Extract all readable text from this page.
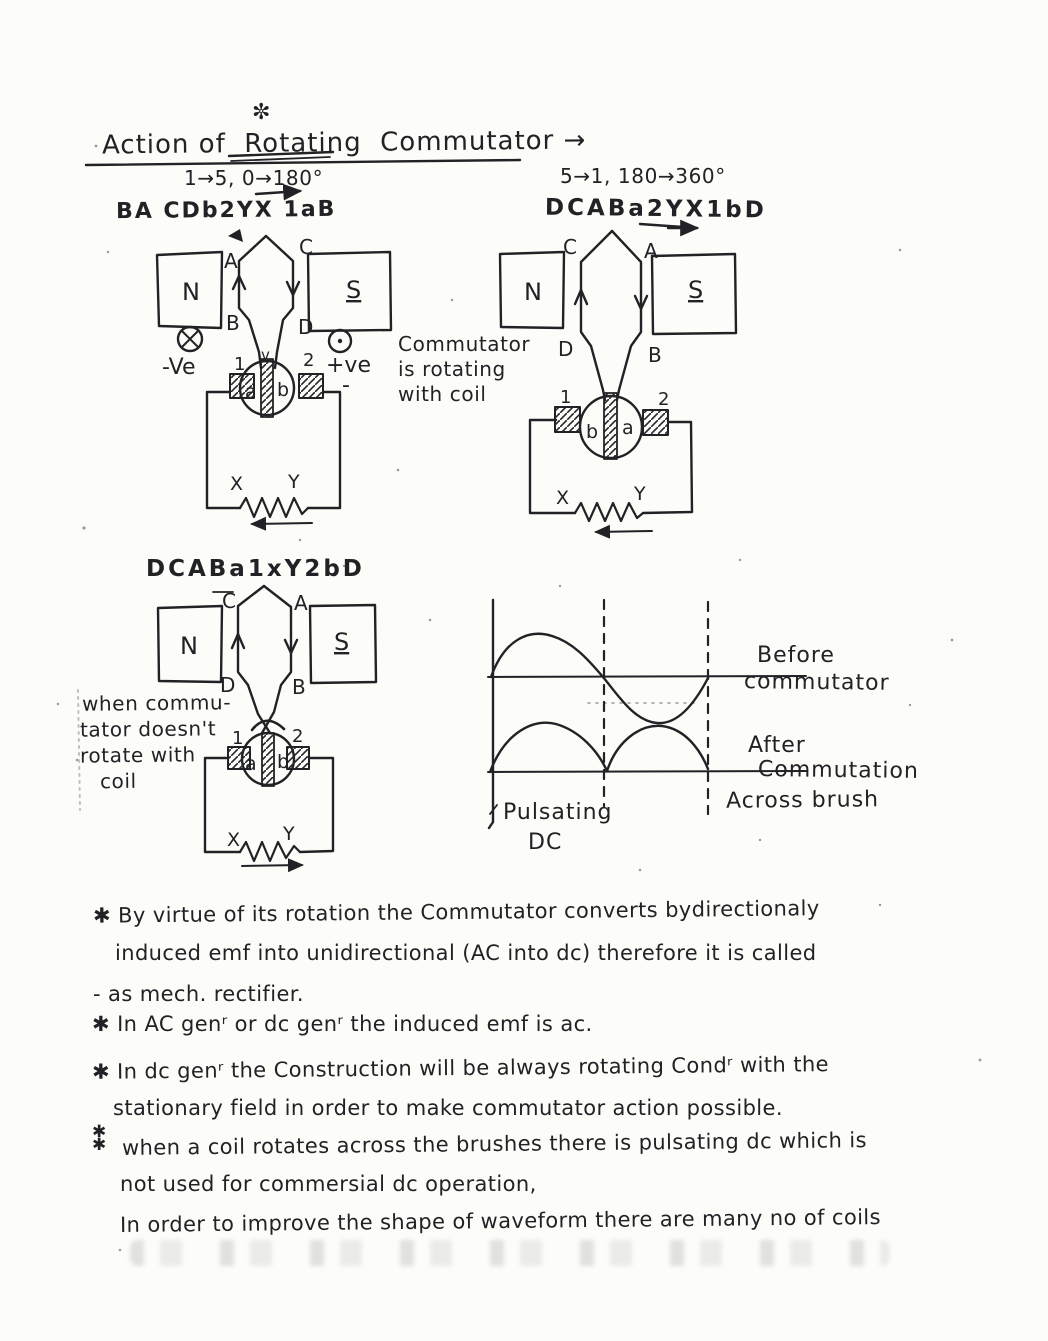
N	S
A
C
B	D
v
-Ve	+ve
-
1	2
a b
X Y
N	S
C	A
D	B
1	2
b a
X	Y
N	S
C	A
D	B
1	2
a b
X Y
✼
Action of Rotating Commutator →
1→5, 0→180°
BA CDb2YX 1aB
5→1, 180→360°
DCABa2YX1bD
DCABa1xY2bD
Commutator
is rotating
with coil
when commu-
tator doesn't
rotate with
coil
Before
commutator
After
Commutation
Across brush
Pulsating
DC
✱ By virtue of its rotation the Commutator converts bydirectionaly
induced emf into unidirectional (AC into dc) therefore it is called
- as mech. rectifier.
✱ In AC genʳ or dc genʳ the induced emf is ac.
✱ In dc genʳ the Construction will be always rotating Condʳ with the
stationary field in order to make commutator action possible.
✱✱ when a coil rotates across the brushes there is pulsating dc which is
not used for commersial dc operation,
In order to improve the shape of waveform there are many no of coils
